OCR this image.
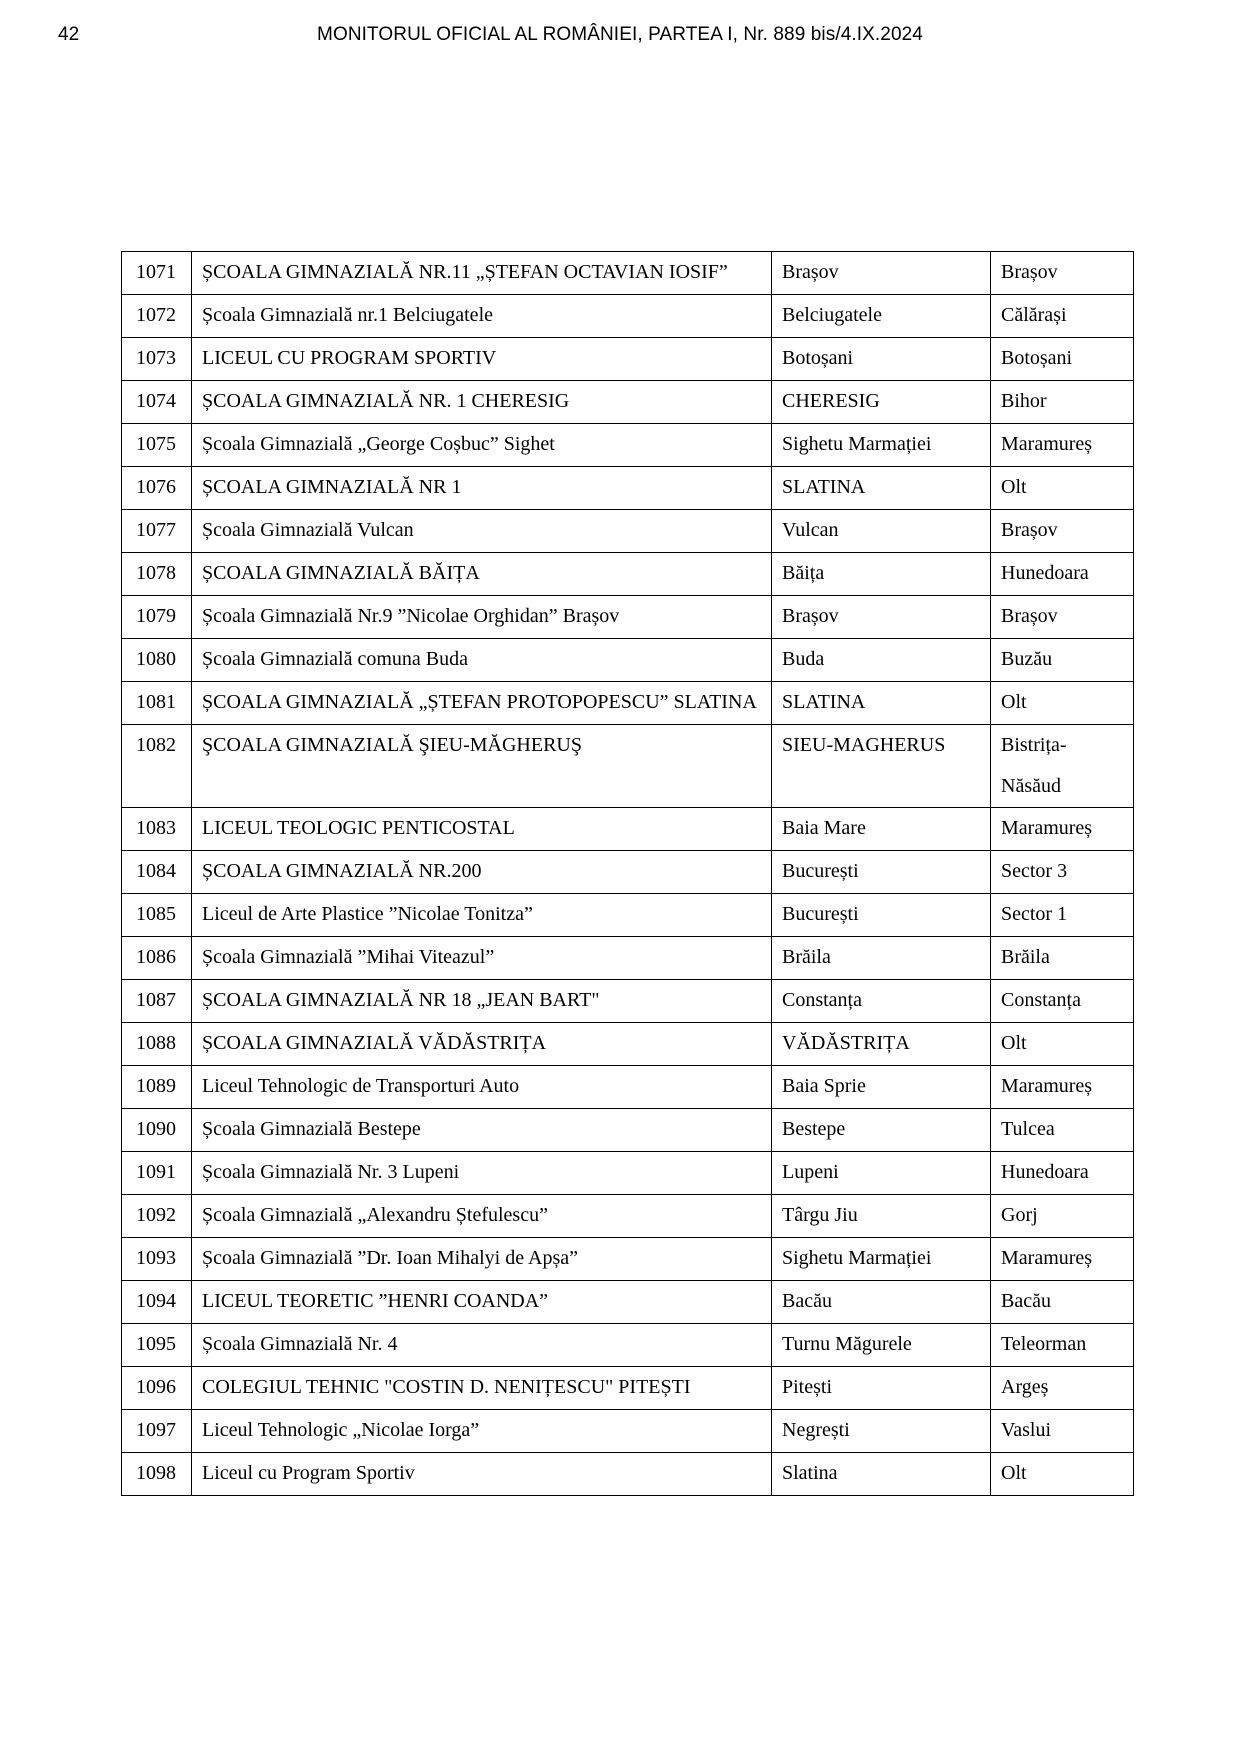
42	MONITORUL OFICIAL AL ROMÂNIEI, PARTEA I, Nr. 889 bis/4.IX.2024
1071	ȘCOALA GIMNAZIALĂ NR.11 „ȘTEFAN OCTAVIAN IOSIF”	Brașov	Brașov
1072	Școala Gimnazială nr.1 Belciugatele	Belciugatele	Călărași
1073	LICEUL CU PROGRAM SPORTIV	Botoșani	Botoșani
1074	ȘCOALA GIMNAZIALĂ NR. 1 CHERESIG	CHERESIG	Bihor
1075	Școala Gimnazială „George Coșbuc” Sighet	Sighetu Marmației	Maramureș
1076	ȘCOALA GIMNAZIALĂ NR 1	SLATINA	Olt
1077	Școala Gimnazială Vulcan	Vulcan	Brașov
1078	ȘCOALA GIMNAZIALĂ BĂIȚA	Băița	Hunedoara
1079	Școala Gimnazială Nr.9 ”Nicolae Orghidan” Brașov	Brașov	Brașov
1080	Școala Gimnazială comuna Buda	Buda	Buzău
1081	ȘCOALA GIMNAZIALĂ „ȘTEFAN PROTOPOPESCU” SLATINA	SLATINA	Olt
1082	ŞCOALA GIMNAZIALĂ ŞIEU-MĂGHERUŞ	SIEU-MAGHERUS	Bistrița-Năsăud
1083	LICEUL TEOLOGIC PENTICOSTAL	Baia Mare	Maramureș
1084	ȘCOALA GIMNAZIALĂ NR.200	București	Sector 3
1085	Liceul de Arte Plastice ”Nicolae Tonitza”	București	Sector 1
1086	Școala Gimnazială ”Mihai Viteazul”	Brăila	Brăila
1087	ȘCOALA GIMNAZIALĂ NR 18 „JEAN BART"	Constanța	Constanța
1088	ȘCOALA GIMNAZIALĂ VĂDĂSTRIȚA	VĂDĂSTRIȚA	Olt
1089	Liceul Tehnologic de Transporturi Auto	Baia Sprie	Maramureș
1090	Școala Gimnazială Bestepe	Bestepe	Tulcea
1091	Școala Gimnazială Nr. 3 Lupeni	Lupeni	Hunedoara
1092	Școala Gimnazială „Alexandru Ștefulescu”	Târgu Jiu	Gorj
1093	Școala Gimnazială ”Dr. Ioan Mihalyi de Apșa”	Sighetu Marmației	Maramureș
1094	LICEUL TEORETIC ”HENRI COANDA”	Bacău	Bacău
1095	Școala Gimnazială Nr. 4	Turnu Măgurele	Teleorman
1096	COLEGIUL TEHNIC "COSTIN D. NENIȚESCU" PITEȘTI	Pitești	Argeș
1097	Liceul Tehnologic „Nicolae Iorga”	Negrești	Vaslui
1098	Liceul cu Program Sportiv	Slatina	Olt
